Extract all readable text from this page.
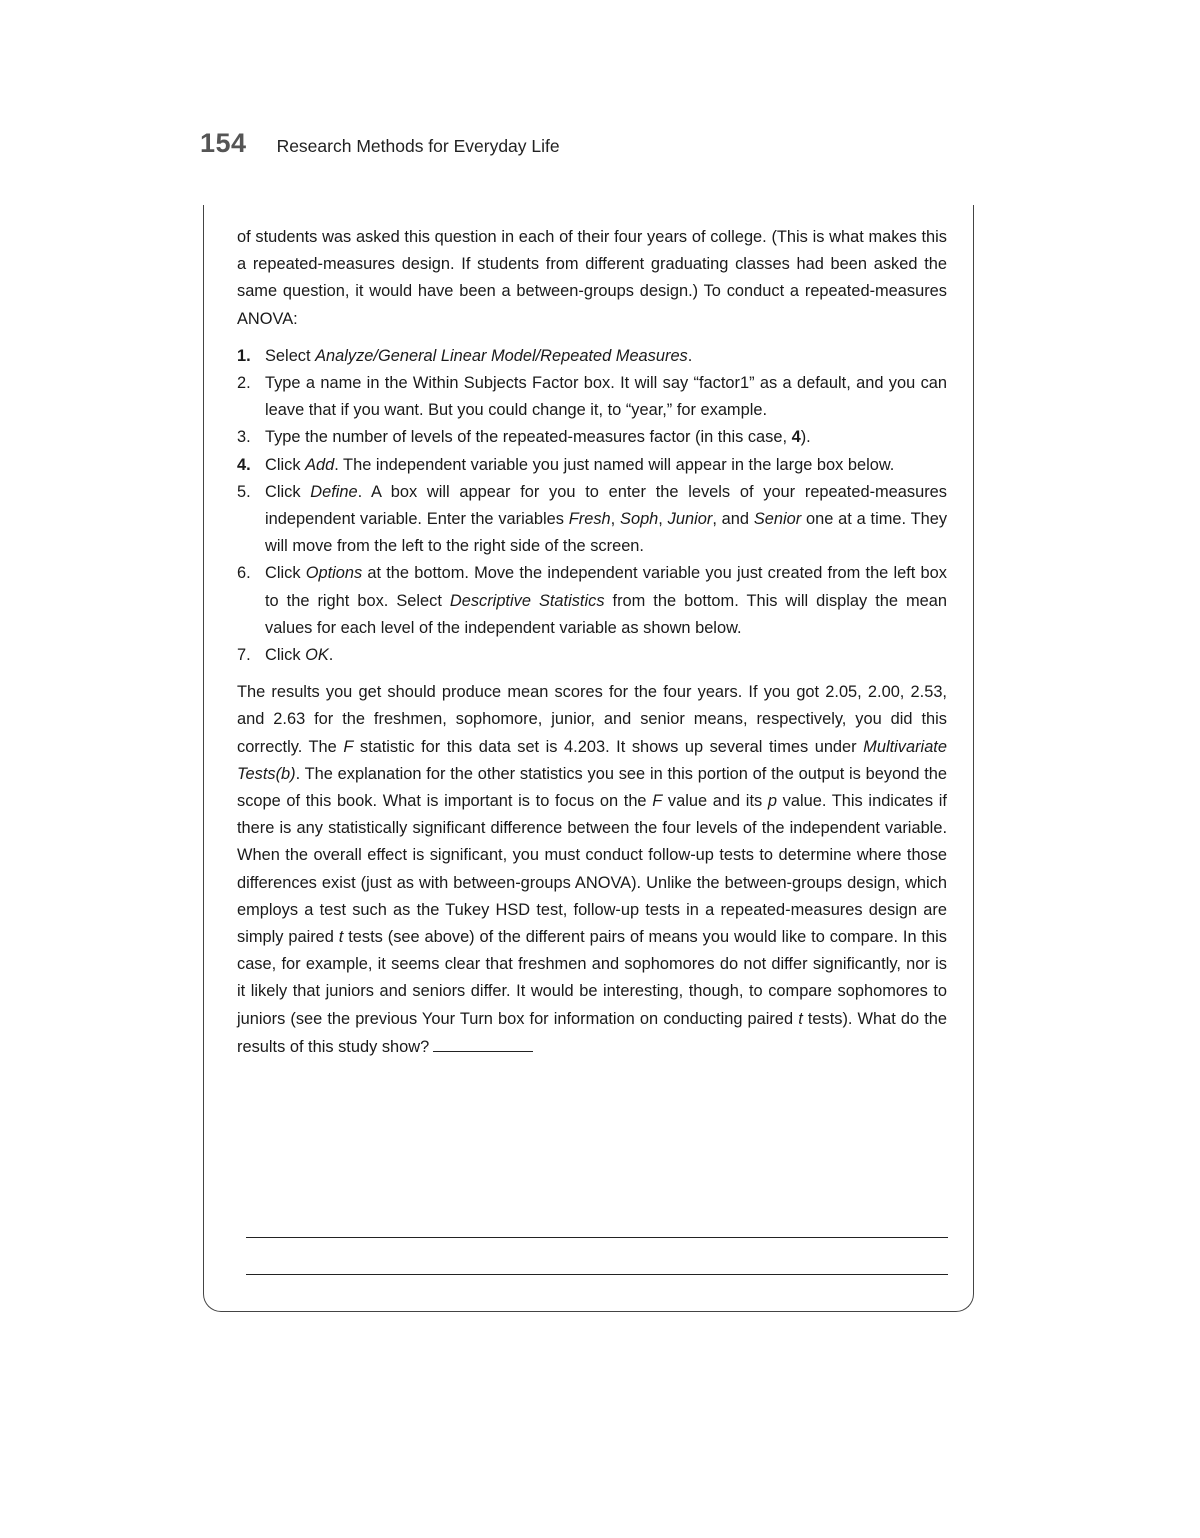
154 Research Methods for Everyday Life

of students was asked this question in each of their four years of college. (This is what makes this a repeated-measures design. If students from different graduating classes had been asked the same question, it would have been a between-groups design.) To conduct a repeated-measures ANOVA:

1. Select Analyze/General Linear Model/Repeated Measures.
2. Type a name in the Within Subjects Factor box. It will say “factor1” as a default, and you can leave that if you want. But you could change it, to “year,” for example.
3. Type the number of levels of the repeated-measures factor (in this case, 4).
4. Click Add. The independent variable you just named will appear in the large box below.
5. Click Define. A box will appear for you to enter the levels of your repeated-measures independent variable. Enter the variables Fresh, Soph, Junior, and Senior one at a time. They will move from the left to the right side of the screen.
6. Click Options at the bottom. Move the independent variable you just created from the left box to the right box. Select Descriptive Statistics from the bottom. This will display the mean values for each level of the independent variable as shown below.
7. Click OK.

The results you get should produce mean scores for the four years. If you got 2.05, 2.00, 2.53, and 2.63 for the freshmen, sophomore, junior, and senior means, respectively, you did this correctly. The F statistic for this data set is 4.203. It shows up several times under Multivariate Tests(b). The explanation for the other statistics you see in this portion of the output is beyond the scope of this book. What is important is to focus on the F value and its p value. This indicates if there is any statistically significant difference between the four levels of the independent variable. When the overall effect is significant, you must conduct follow-up tests to determine where those differences exist (just as with between-groups ANOVA). Unlike the between-groups design, which employs a test such as the Tukey HSD test, follow-up tests in a repeated-measures design are simply paired t tests (see above) of the different pairs of means you would like to compare. In this case, for example, it seems clear that freshmen and sophomores do not differ significantly, nor is it likely that juniors and seniors differ. It would be interesting, though, to compare sophomores to juniors (see the previous Your Turn box for information on conducting paired t tests). What do the results of this study show?
